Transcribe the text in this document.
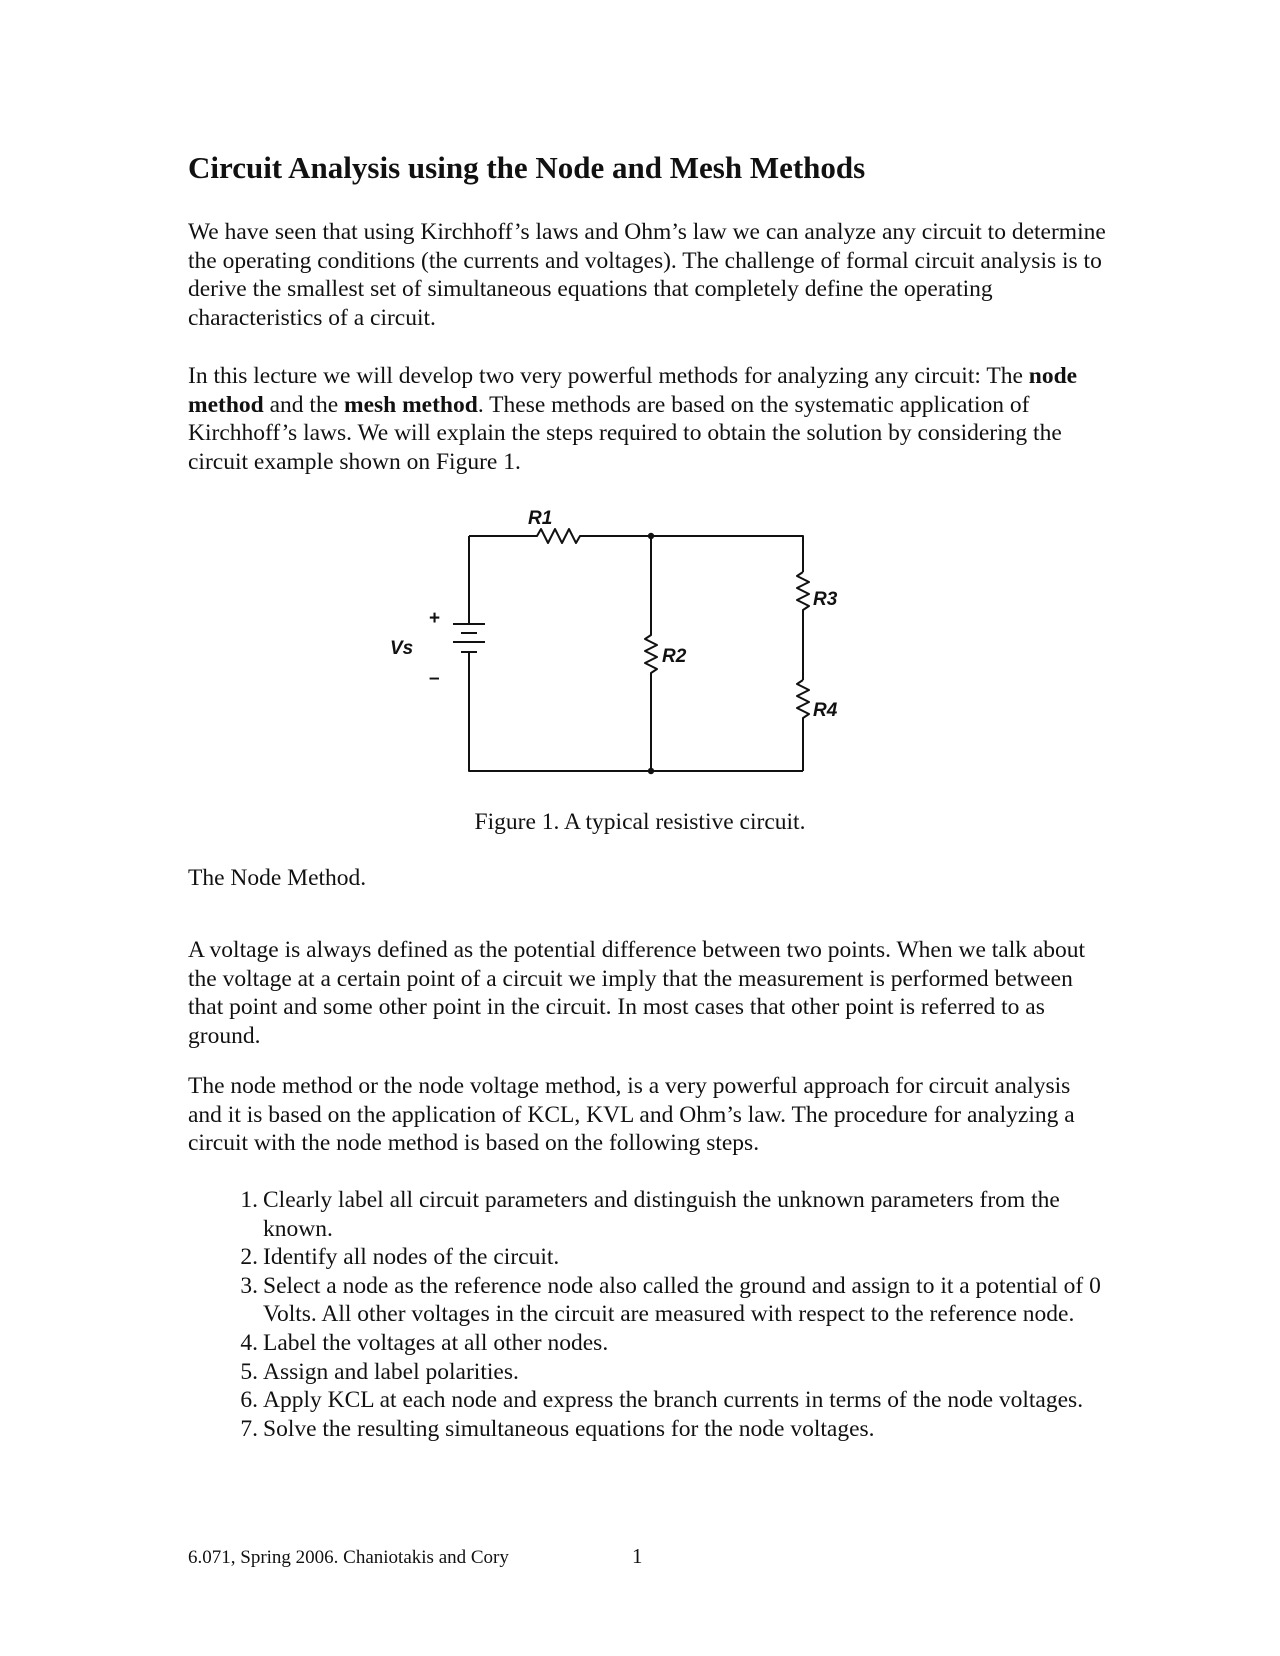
Circuit Analysis using the Node and Mesh Methods

We have seen that using Kirchhoff’s laws and Ohm’s law we can analyze any circuit to determine the operating conditions (the currents and voltages). The challenge of formal circuit analysis is to derive the smallest set of simultaneous equations that completely define the operating characteristics of a circuit.

In this lecture we will develop two very powerful methods for analyzing any circuit: The node method and the mesh method. These methods are based on the systematic application of Kirchhoff’s laws. We will explain the steps required to obtain the solution by considering the circuit example shown on Figure 1.

R1
R2
R3
R4
Vs
+
–

Figure 1. A typical resistive circuit.

The Node Method.

A voltage is always defined as the potential difference between two points. When we talk about the voltage at a certain point of a circuit we imply that the measurement is performed between that point and some other point in the circuit. In most cases that other point is referred to as ground.

The node method or the node voltage method, is a very powerful approach for circuit analysis and it is based on the application of KCL, KVL and Ohm’s law. The procedure for analyzing a circuit with the node method is based on the following steps.

1. Clearly label all circuit parameters and distinguish the unknown parameters from the known.
2. Identify all nodes of the circuit.
3. Select a node as the reference node also called the ground and assign to it a potential of 0 Volts. All other voltages in the circuit are measured with respect to the reference node.
4. Label the voltages at all other nodes.
5. Assign and label polarities.
6. Apply KCL at each node and express the branch currents in terms of the node voltages.
7. Solve the resulting simultaneous equations for the node voltages.
6.071, Spring 2006. Chaniotakis and Cory	1
